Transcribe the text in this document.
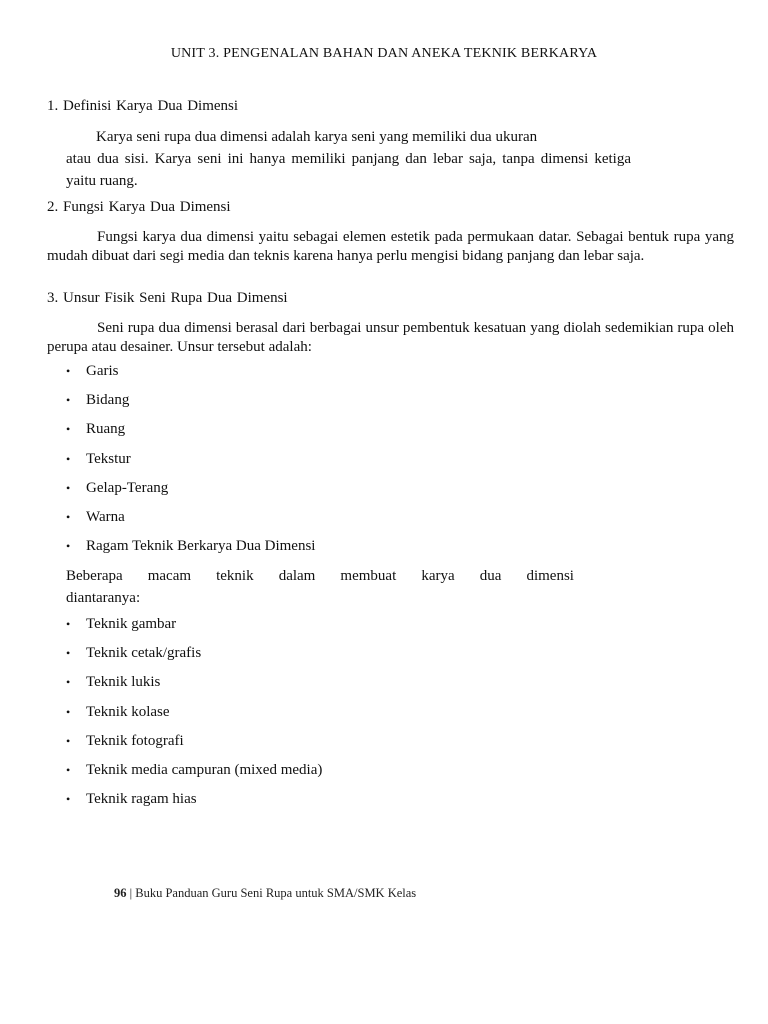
UNIT 3. PENGENALAN BAHAN DAN ANEKA TEKNIK BERKARYA
1. Definisi Karya Dua Dimensi
Karya seni rupa dua dimensi adalah karya seni yang memiliki dua ukuran
atau dua sisi. Karya seni ini hanya memiliki panjang dan lebar saja, tanpa dimensi ketiga yaitu ruang.
2. Fungsi Karya Dua Dimensi
Fungsi karya dua dimensi yaitu sebagai elemen estetik pada permukaan datar. Sebagai bentuk rupa yang mudah dibuat dari segi media dan teknis karena hanya perlu mengisi bidang panjang dan lebar saja.
3. Unsur Fisik Seni Rupa Dua Dimensi
Seni rupa dua dimensi berasal dari berbagai unsur pembentuk kesatuan yang diolah sedemikian rupa oleh perupa atau desainer. Unsur tersebut adalah:
•	Garis
•	Bidang
•	Ruang
•	Tekstur
•	Gelap-Terang
•	Warna
•	Ragam Teknik Berkarya Dua Dimensi
Beberapa macam teknik dalam membuat karya dua dimensi
diantaranya:
•	Teknik gambar
•	Teknik cetak/grafis
•	Teknik lukis
•	Teknik kolase
•	Teknik fotografi
•	Teknik media campuran (mixed media)
•	Teknik ragam hias
96 | Buku Panduan Guru Seni Rupa untuk SMA/SMK Kelas
